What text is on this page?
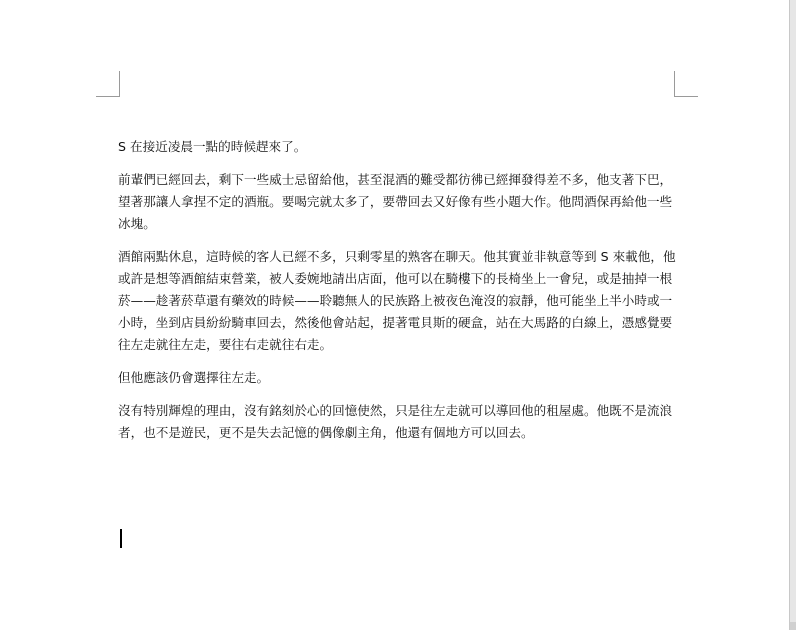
S 在接近凌晨一點的時候趕來了。

前輩們已經回去，剩下一些威士忌留給他，甚至混酒的難受都彷彿已經揮發得差不多，他支著下巴，望著那讓人拿捏不定的酒瓶。要喝完就太多了，要帶回去又好像有些小題大作。他問酒保再給他一些冰塊。

酒館兩點休息，這時候的客人已經不多，只剩零星的熟客在聊天。他其實並非執意等到 S 來載他，他或許是想等酒館結束營業，被人委婉地請出店面，他可以在騎樓下的長椅坐上一會兒，或是抽掉一根菸——趁著菸草還有藥效的時候——聆聽無人的民族路上被夜色淹沒的寂靜，他可能坐上半小時或一小時，坐到店員紛紛騎車回去，然後他會站起，提著電貝斯的硬盒，站在大馬路的白線上，憑感覺要往左走就往左走，要往右走就往右走。

但他應該仍會選擇往左走。

沒有特別輝煌的理由，沒有銘刻於心的回憶使然，只是往左走就可以導回他的租屋處。他既不是流浪者，也不是遊民，更不是失去記憶的偶像劇主角，他還有個地方可以回去。
